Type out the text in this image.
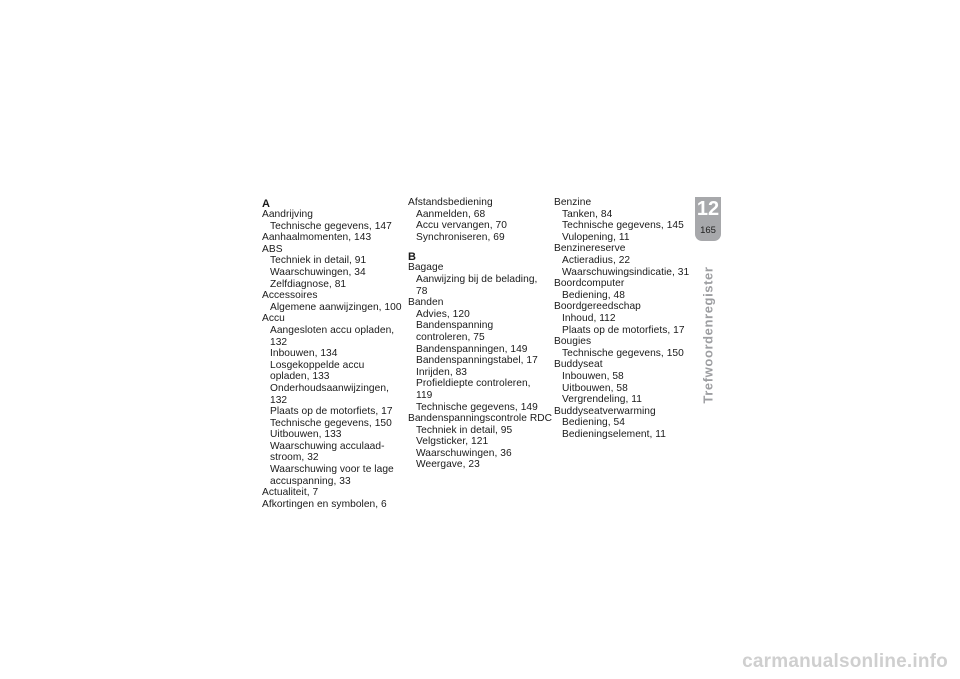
A
Aandrijving
Technische gegevens, 147
Aanhaalmomenten, 143
ABS
Techniek in detail, 91
Waarschuwingen, 34
Zelfdiagnose, 81
Accessoires
Algemene aanwijzingen, 100
Accu
Aangesloten accu opladen, 132
Inbouwen, 134
Losgekoppelde accu
opladen, 133
Onderhoudsaanwijzingen, 132
Plaats op de motorfiets, 17
Technische gegevens, 150
Uitbouwen, 133
Waarschuwing acculaad-
stroom, 32
Waarschuwing voor te lage
accuspanning, 33
Actualiteit, 7
Afkortingen en symbolen, 6
Afstandsbediening
Aanmelden, 68
Accu vervangen, 70
Synchroniseren, 69
B
Bagage
Aanwijzing bij de belading, 78
Banden
Advies, 120
Bandenspanning
controleren, 75
Bandenspanningen, 149
Bandenspanningstabel, 17
Inrijden, 83
Profieldiepte controleren, 119
Technische gegevens, 149
Bandenspanningscontrole RDC
Techniek in detail, 95
Velgsticker, 121
Waarschuwingen, 36
Weergave, 23
Benzine
Tanken, 84
Technische gegevens, 145
Vulopening, 11
Benzinereserve
Actieradius, 22
Waarschuwingsindicatie, 31
Boordcomputer
Bediening, 48
Boordgereedschap
Inhoud, 112
Plaats op de motorfiets, 17
Bougies
Technische gegevens, 150
Buddyseat
Inbouwen, 58
Uitbouwen, 58
Vergrendeling, 11
Buddyseatverwarming
Bediening, 54
Bedieningselement, 11
12
165
Trefwoordenregister
carmanualsonline.info
